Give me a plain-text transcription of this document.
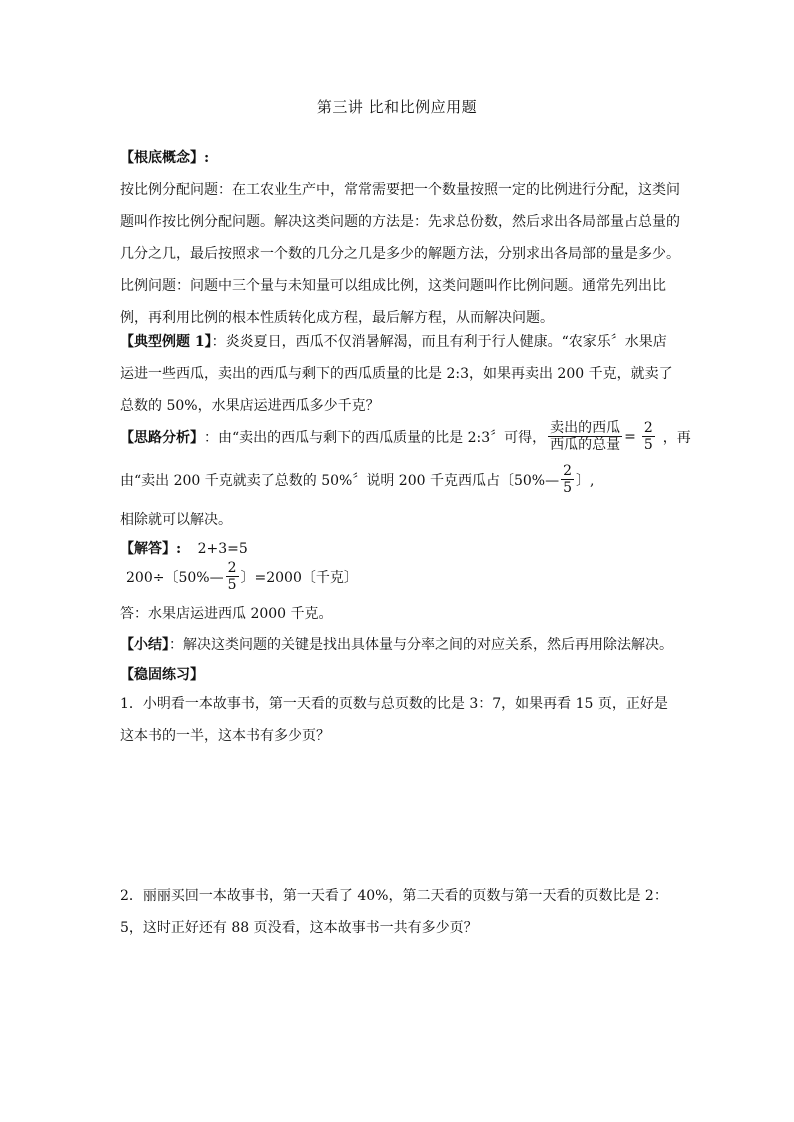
第三讲 比和比例应用题
【根底概念】:
按比例分配问题：在工农业生产中，常常需要把一个数量按照一定的比例进行分配，这类问题叫作按比例分配问题。解决这类问题的方法是：先求总份数，然后求出各局部量占总量的几分之几，最后按照求一个数的几分之几是多少的解题方法，分别求出各局部的量是多少。
比例问题：问题中三个量与未知量可以组成比例，这类问题叫作比例问题。通常先列出比例，再利用比例的根本性质转化成方程，最后解方程，从而解决问题。
【典型例题 1】：炎炎夏日，西瓜不仅消暑解渴，而且有利于行人健康。“农家乐〞水果店运进一些西瓜，卖出的西瓜与剩下的西瓜质量的比是 2:3，如果再卖出 200 千克，就卖了总数的 50%，水果店运进西瓜多少千克？
【思路分析】 ：由“卖出的西瓜与剩下的西瓜质量的比是 2:3〞可得， $\frac{\text{卖出的西瓜}}{\text{西瓜的总量}} = \frac{2}{5}$ ，再
由“卖出 200 千克就卖了总数的 50%〞说明 200 千克西瓜占〔50%— $\frac{2}{5}$ 〕,
相除就可以解决。
【解答】: 2+3=5
200÷〔50%— $\frac{2}{5}$ 〕=2000〔千克〕
答：水果店运进西瓜 2000 千克。
【小结】：解决这类问题的关键是找出具体量与分率之间的对应关系，然后再用除法解决。
【稳固练习】
1．小明看一本故事书，第一天看的页数与总页数的比是 3：7，如果再看 15 页，正好是这本书的一半，这本书有多少页？
2．丽丽买回一本故事书，第一天看了 40%，第二天看的页数与第一天看的页数比是 2：5，这时正好还有 88 页没看，这本故事书一共有多少页？
